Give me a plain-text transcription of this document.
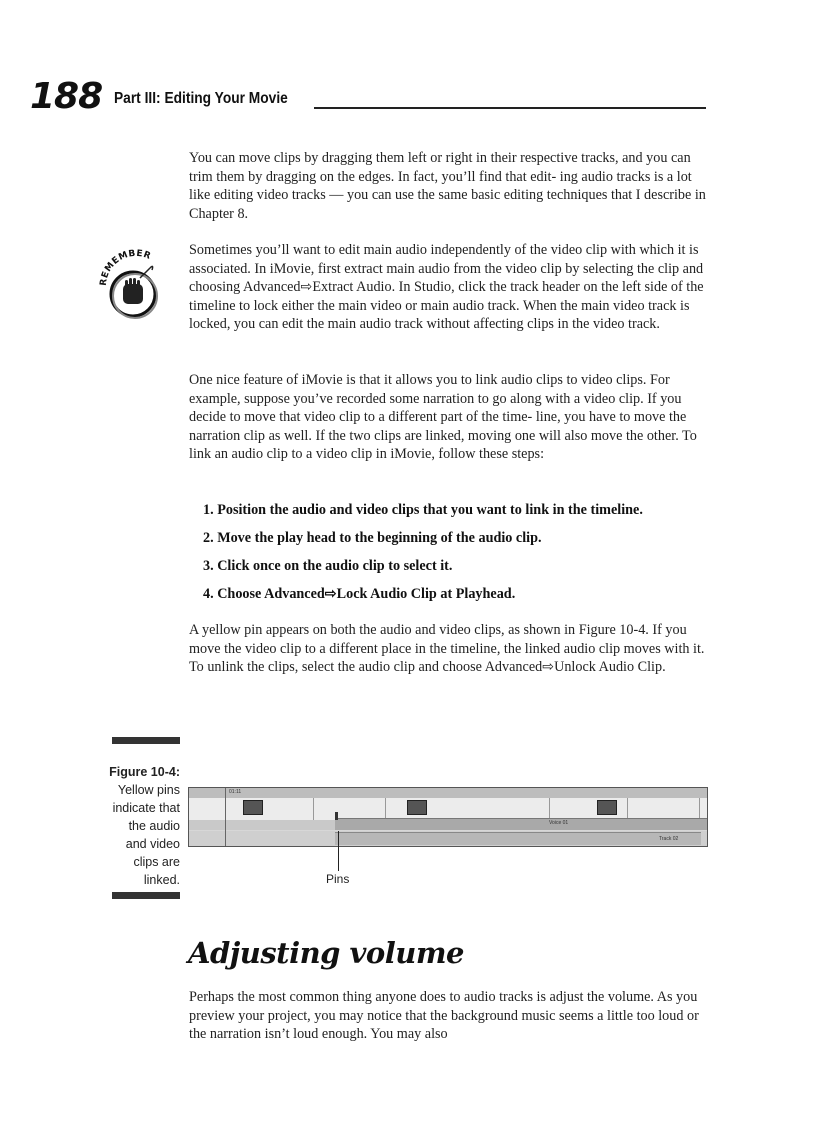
188 Part III: Editing Your Movie

You can move clips by dragging them left or right in their respective tracks, and you can trim them by dragging on the edges. In fact, you’ll find that edit- ing audio tracks is a lot like editing video tracks — you can use the same basic editing techniques that I describe in Chapter 8.

REMEMBER	Sometimes you’ll want to edit main audio independently of the video clip with which it is associated. In iMovie, first extract main audio from the video clip by selecting the clip and choosing Advanced⇨Extract Audio. In Studio, click the track header on the left side of the timeline to lock either the main video or main audio track. When the main video track is locked, you can edit the main audio track without affecting clips in the video track.

One nice feature of iMovie is that it allows you to link audio clips to video clips. For example, suppose you’ve recorded some narration to go along with a video clip. If you decide to move that video clip to a different part of the time- line, you have to move the narration clip as well. If the two clips are linked, moving one will also move the other. To link an audio clip to a video clip in iMovie, follow these steps:

1. Position the audio and video clips that you want to link in the timeline.
2. Move the play head to the beginning of the audio clip.
3. Click once on the audio clip to select it.
4. Choose Advanced⇨Lock Audio Clip at Playhead.

A yellow pin appears on both the audio and video clips, as shown in Figure 10-4. If you move the video clip to a different place in the timeline, the linked audio clip moves with it. To unlink the clips, select the audio clip and choose Advanced⇨Unlock Audio Clip.

Figure 10-4:
Yellow pins
indicate that
the audio
and video
clips are
linked.
01:11
Voice 01
Track 02
Pins
Adjusting volume

Perhaps the most common thing anyone does to audio tracks is adjust the volume. As you preview your project, you may notice that the background music seems a little too loud or the narration isn’t loud enough. You may also
